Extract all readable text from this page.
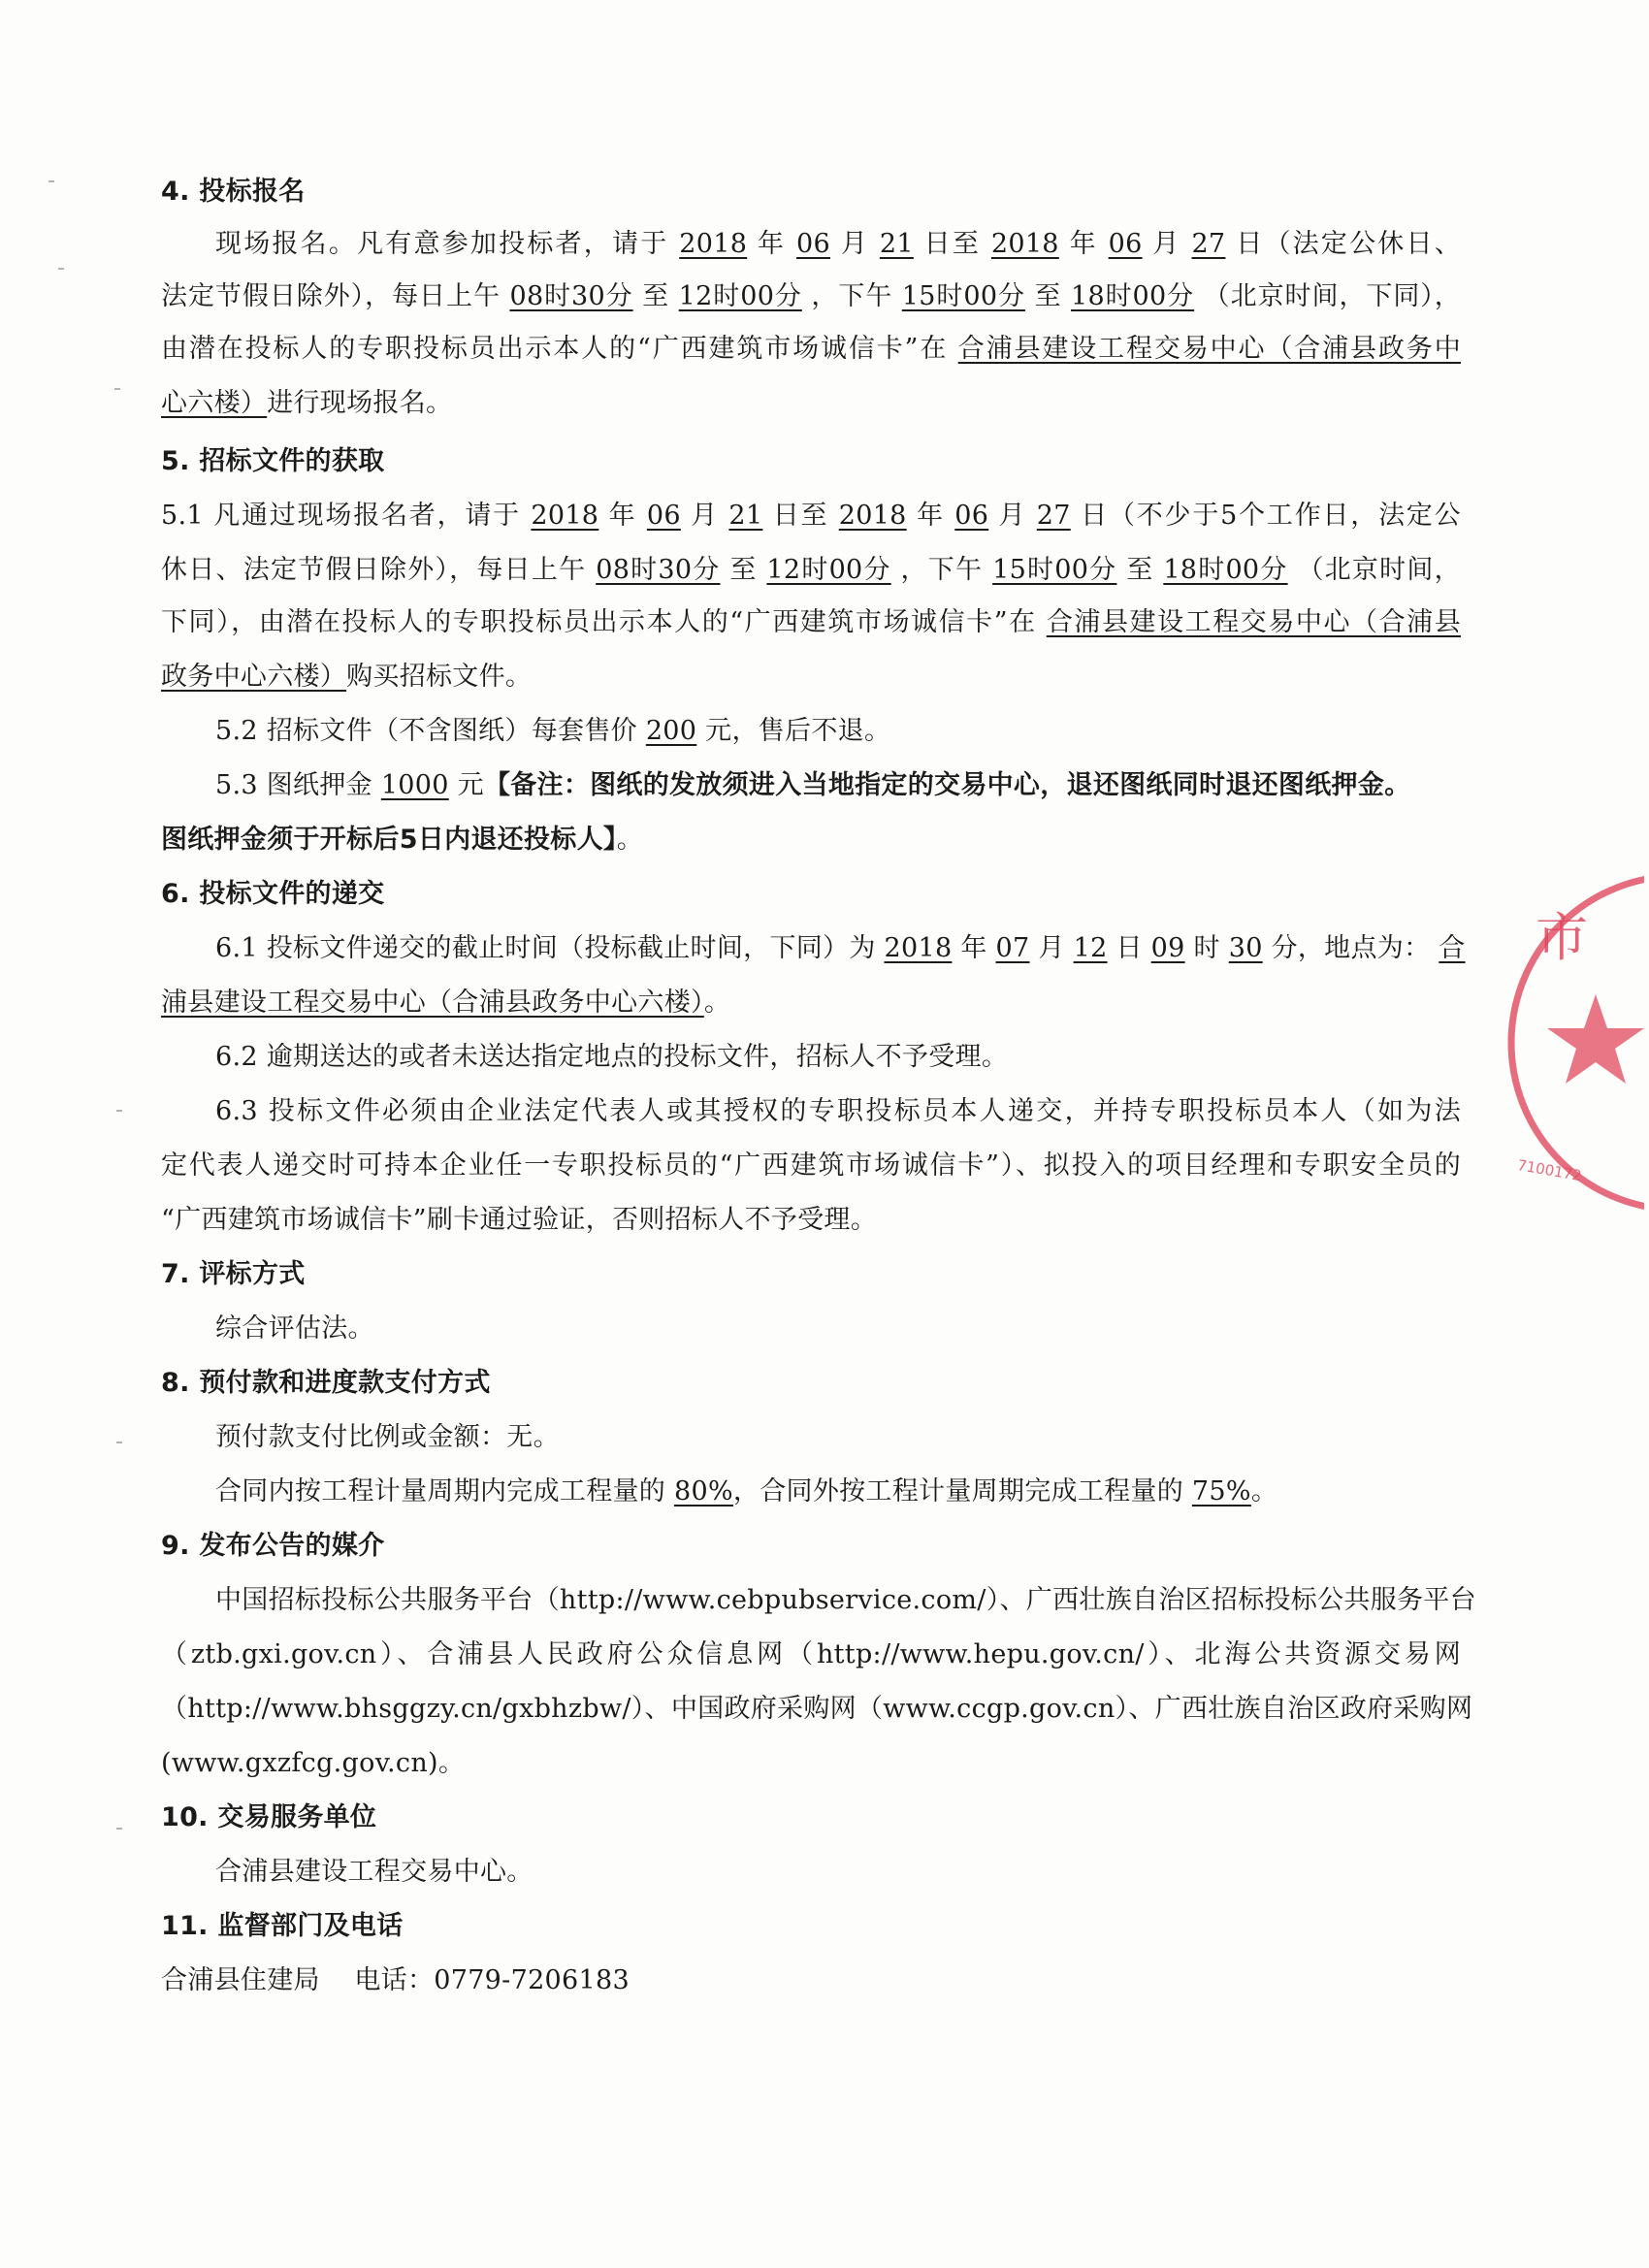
4. 投标报名
现场报名。凡有意参加投标者，请于 2018 年 06 月 21 日至 2018 年 06 月 27 日（法定公休日、
法定节假日除外），每日上午 08时30分 至 12时00分 ，下午 15时00分 至 18时00分 （北京时间，下同），
由潜在投标人的专职投标员出示本人的“广西建筑市场诚信卡”在 合浦县建设工程交易中心（合浦县政务中
心六楼）进行现场报名。
5. 招标文件的获取
5.1 凡通过现场报名者，请于 2018 年 06 月 21 日至 2018 年 06 月 27 日（不少于5个工作日，法定公
休日、法定节假日除外），每日上午 08时30分 至 12时00分 ，下午 15时00分 至 18时00分 （北京时间，
下同），由潜在投标人的专职投标员出示本人的“广西建筑市场诚信卡”在 合浦县建设工程交易中心（合浦县
政务中心六楼）购买招标文件。
5.2 招标文件（不含图纸）每套售价 200 元，售后不退。
5.3 图纸押金 1000 元【备注：图纸的发放须进入当地指定的交易中心，退还图纸同时退还图纸押金。
图纸押金须于开标后5日内退还投标人】。
6. 投标文件的递交
6.1 投标文件递交的截止时间（投标截止时间，下同）为 2018 年 07 月 12 日 09 时 30 分，地点为： 合
浦县建设工程交易中心（合浦县政务中心六楼）。
6.2 逾期送达的或者未送达指定地点的投标文件，招标人不予受理。
6.3 投标文件必须由企业法定代表人或其授权的专职投标员本人递交，并持专职投标员本人（如为法
定代表人递交时可持本企业任一专职投标员的“广西建筑市场诚信卡”）、拟投入的项目经理和专职安全员的
“广西建筑市场诚信卡”刷卡通过验证，否则招标人不予受理。
7. 评标方式
综合评估法。
8. 预付款和进度款支付方式
预付款支付比例或金额：无。
合同内按工程计量周期内完成工程量的 80%，合同外按工程计量周期完成工程量的 75%。
9. 发布公告的媒介
中国招标投标公共服务平台（http://www.cebpubservice.com/）、广西壮族自治区招标投标公共服务平台
（ztb.gxi.gov.cn）、合浦县人民政府公众信息网（http://www.hepu.gov.cn/）、北海公共资源交易网
（http://www.bhsggzy.cn/gxbhzbw/）、中国政府采购网（www.ccgp.gov.cn）、广西壮族自治区政府采购网
(www.gxzfcg.gov.cn)。
10. 交易服务单位
合浦县建设工程交易中心。
11. 监督部门及电话
合浦县住建局 电话：0779-7206183
市
7100172
